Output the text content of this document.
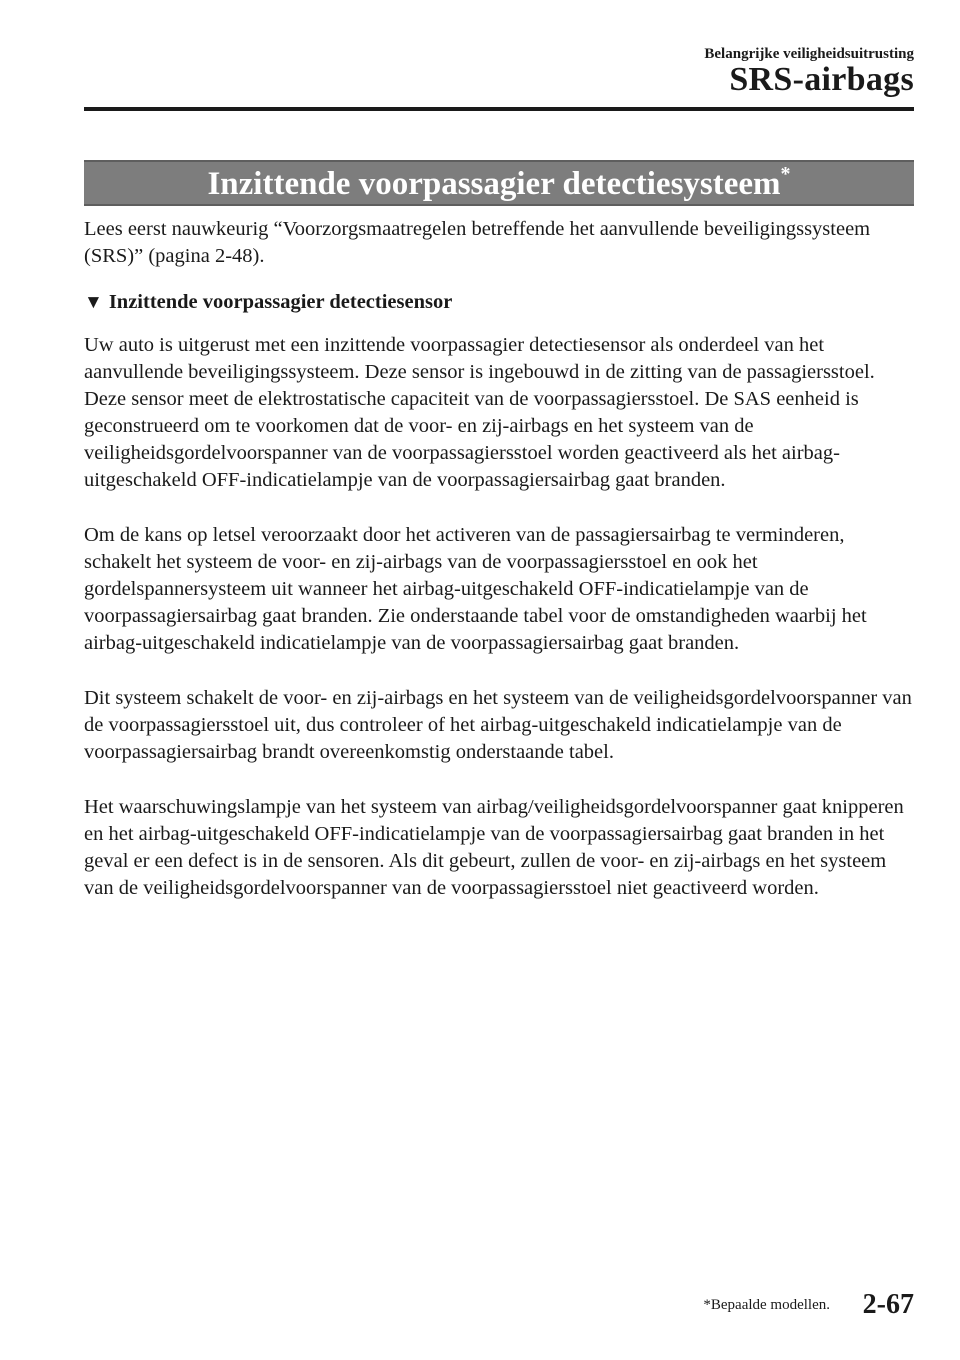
Belangrijke veiligheidsuitrusting
SRS-airbags
Inzittende voorpassagier detectiesysteem*

Lees eerst nauwkeurig “Voorzorgsmaatregelen betreffende het aanvullende beveiligingssysteem (SRS)” (pagina 2-48).

▼ Inzittende voorpassagier detectiesensor

Uw auto is uitgerust met een inzittende voorpassagier detectiesensor als onderdeel van het aanvullende beveiligingssysteem. Deze sensor is ingebouwd in de zitting van de passagiersstoel. Deze sensor meet de elektrostatische capaciteit van de voorpassagiersstoel. De SAS eenheid is geconstrueerd om te voorkomen dat de voor- en zij-airbags en het systeem van de veiligheidsgordelvoorspanner van de voorpassagiersstoel worden geactiveerd als het airbag-uitgeschakeld OFF-indicatielampje van de voorpassagiersairbag gaat branden.

Om de kans op letsel veroorzaakt door het activeren van de passagiersairbag te verminderen, schakelt het systeem de voor- en zij-airbags van de voorpassagiersstoel en ook het gordelspannersysteem uit wanneer het airbag-uitgeschakeld OFF-indicatielampje van de voorpassagiersairbag gaat branden. Zie onderstaande tabel voor de omstandigheden waarbij het airbag-uitgeschakeld indicatielampje van de voorpassagiersairbag gaat branden.

Dit systeem schakelt de voor- en zij-airbags en het systeem van de veiligheidsgordelvoorspanner van de voorpassagiersstoel uit, dus controleer of het airbag-uitgeschakeld indicatielampje van de voorpassagiersairbag brandt overeenkomstig onderstaande tabel.

Het waarschuwingslampje van het systeem van airbag/veiligheidsgordelvoorspanner gaat knipperen en het airbag-uitgeschakeld OFF-indicatielampje van de voorpassagiersairbag gaat branden in het geval er een defect is in de sensoren. Als dit gebeurt, zullen de voor- en zij-airbags en het systeem van de veiligheidsgordelvoorspanner van de voorpassagiersstoel niet geactiveerd worden.

*Bepaalde modellen. 2-67
